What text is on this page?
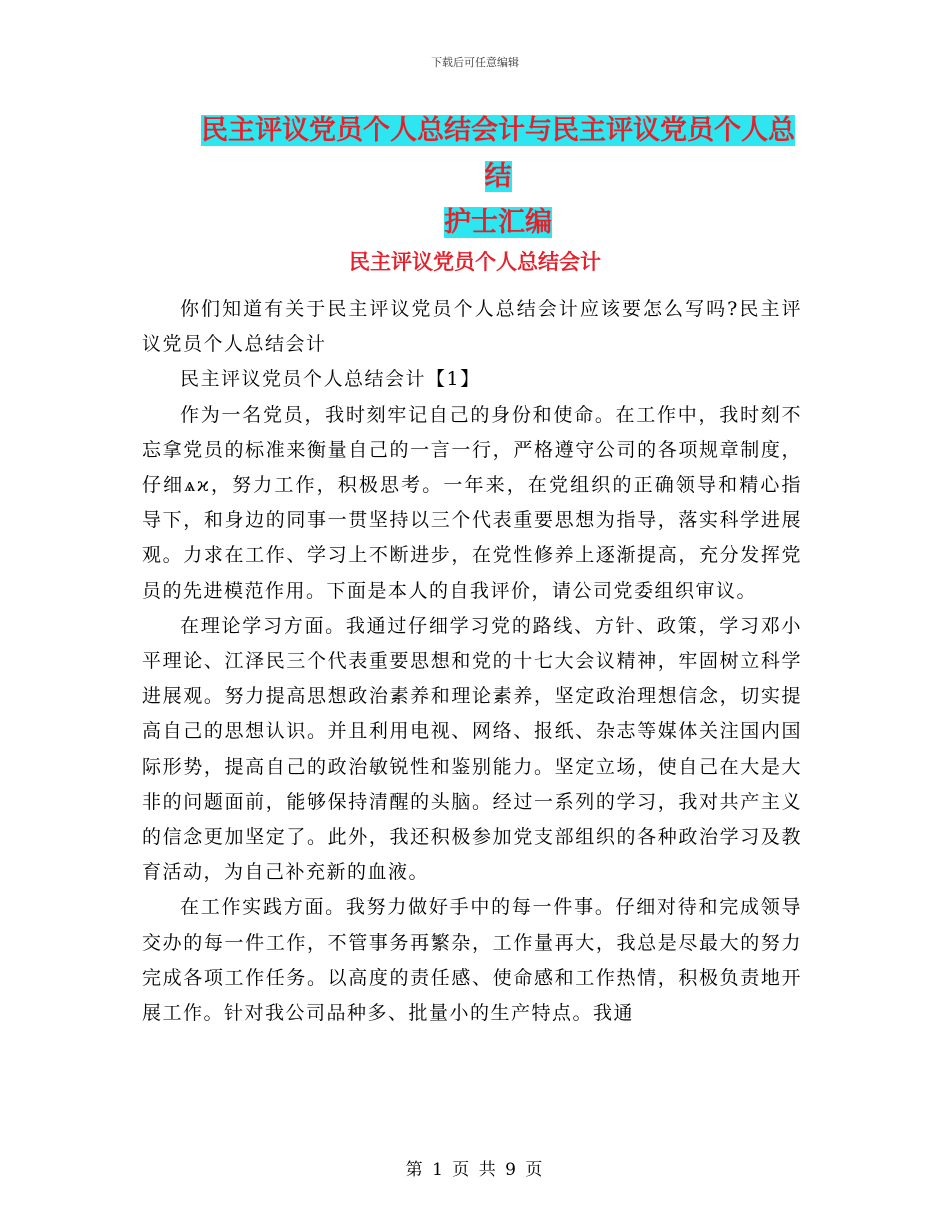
下载后可任意编辑
民主评议党员个人总结会计与民主评议党员个人总结
护士汇编
民主评议党员个人总结会计

你们知道有关于民主评议党员个人总结会计应该要怎么写吗?民主评议党员个人总结会计

民主评议党员个人总结会计【1】

作为一名党员，我时刻牢记自己的身份和使命。在工作中，我时刻不忘拿党员的标准来衡量自己的一言一行，严格遵守公司的各项规章制度，仔细ѧϰ，努力工作，积极思考。一年来，在党组织的正确领导和精心指导下，和身边的同事一贯坚持以三个代表重要思想为指导，落实科学进展观。力求在工作、学习上不断进步，在党性修养上逐渐提高，充分发挥党员的先进模范作用。下面是本人的自我评价，请公司党委组织审议。

在理论学习方面。我通过仔细学习党的路线、方针、政策，学习邓小平理论、江泽民三个代表重要思想和党的十七大会议精神，牢固树立科学进展观。努力提高思想政治素养和理论素养，坚定政治理想信念，切实提高自己的思想认识。并且利用电视、网络、报纸、杂志等媒体关注国内国际形势，提高自己的政治敏锐性和鉴别能力。坚定立场，使自己在大是大非的问题面前，能够保持清醒的头脑。经过一系列的学习，我对共产主义的信念更加坚定了。此外，我还积极参加党支部组织的各种政治学习及教育活动，为自己补充新的血液。

在工作实践方面。我努力做好手中的每一件事。仔细对待和完成领导交办的每一件工作，不管事务再繁杂，工作量再大，我总是尽最大的努力完成各项工作任务。以高度的责任感、使命感和工作热情，积极负责地开展工作。针对我公司品种多、批量小的生产特点。我通

第 1 页 共 9 页
